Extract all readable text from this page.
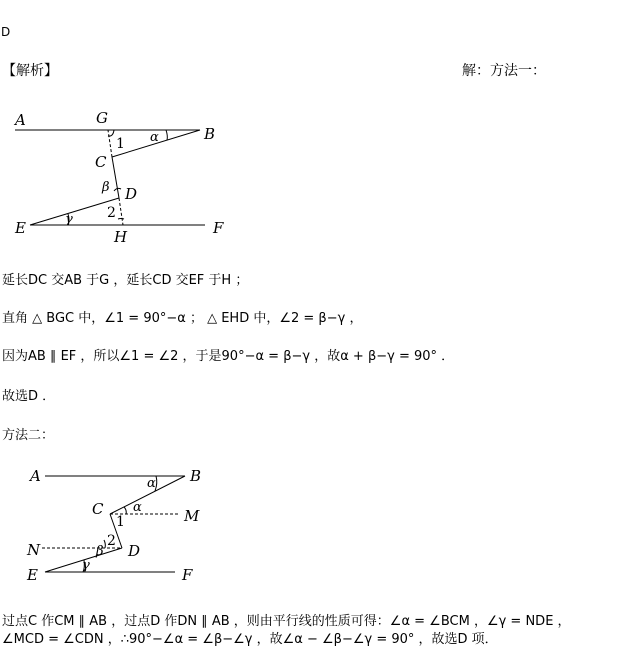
D
【解析】	解：方法一：
A	G
α	B
1
C
β D
2
E	γ
H	F
延长DC 交AB 于G ，延长CD 交EF 于H ；
直角 △ BGC 中，∠1 = 90°−α ； △ EHD 中，∠2 = β−γ ，
因为AB ∥ EF ，所以∠1 = ∠2 ，于是90°−α = β−γ ，故α + β−γ = 90° ．
故选D ．
方法二：
A	B
α
C α	M
1
2
N	β D
E
γ
F
过点C 作CM ∥ AB ，过点D 作DN ∥ AB ，则由平行线的性质可得：∠α = ∠BCM ，∠γ = NDE ，
∠MCD = ∠CDN ，∴90°−∠α = ∠β−∠γ ，故∠α − ∠β−∠γ = 90° ，故选D 项．
